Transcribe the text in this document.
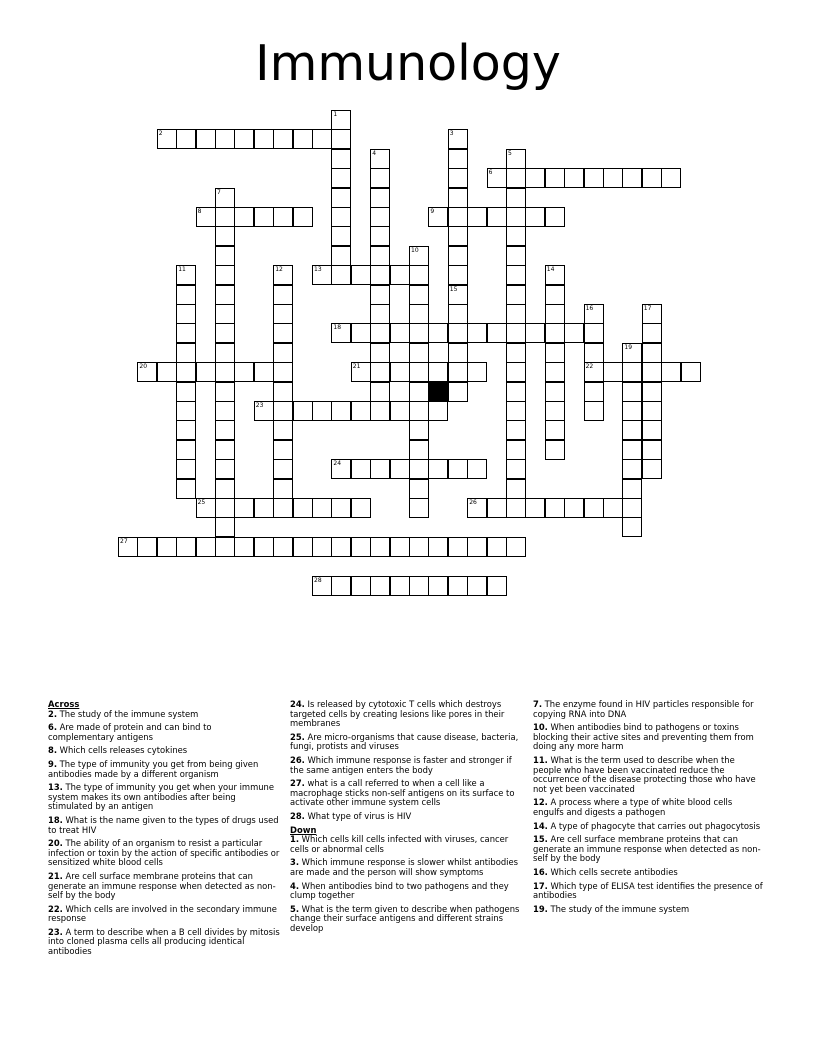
Immunology
1
2	3
4	5
6
7
8	9
10
11	12	13	14
15
16
22
17
18
19
20	21
23
24
25	26
27
28
Across
2. The study of the immune system
6. Are made of protein and can bind to complementary antigens
8. Which cells releases cytokines
9. The type of immunity you get from being given antibodies made by a different organism
13. The type of immunity you get when your immune system makes its own antibodies after being stimulated by an antigen
18. What is the name given to the types of drugs used to treat HIV
20. The ability of an organism to resist a particular infection or toxin by the action of specific antibodies or sensitized white blood cells
21. Are cell surface membrane proteins that can generate an immune response when detected as non-self by the body
22. Which cells are involved in the secondary immune response
23. A term to describe when a B cell divides by mitosis into cloned plasma cells all producing identical antibodies
24. Is released by cytotoxic T cells which destroys targeted cells by creating lesions like pores in their membranes
25. Are micro-organisms that cause disease, bacteria, fungi, protists and viruses
26. Which immune response is faster and stronger if the same antigen enters the body
27. what is a call referred to when a cell like a macrophage sticks non-self antigens on its surface to activate other immune system cells
28. What type of virus is HIV
Down
1. Which cells kill cells infected with viruses, cancer cells or abnormal cells
3. Which immune response is slower whilst antibodies are made and the person will show symptoms
4. When antibodies bind to two pathogens and they clump together
5. What is the term given to describe when pathogens change their surface antigens and different strains develop
7. The enzyme found in HIV particles responsible for copying RNA into DNA
10. When antibodies bind to pathogens or toxins blocking their active sites and preventing them from doing any more harm
11. What is the term used to describe when the people who have been vaccinated reduce the occurrence of the disease protecting those who have not yet been vaccinated
12. A process where a type of white blood cells engulfs and digests a pathogen
14. A type of phagocyte that carries out phagocytosis
15. Are cell surface membrane proteins that can generate an immune response when detected as non-self by the body
16. Which cells secrete antibodies
17. Which type of ELISA test identifies the presence of antibodies
19. The study of the immune system
